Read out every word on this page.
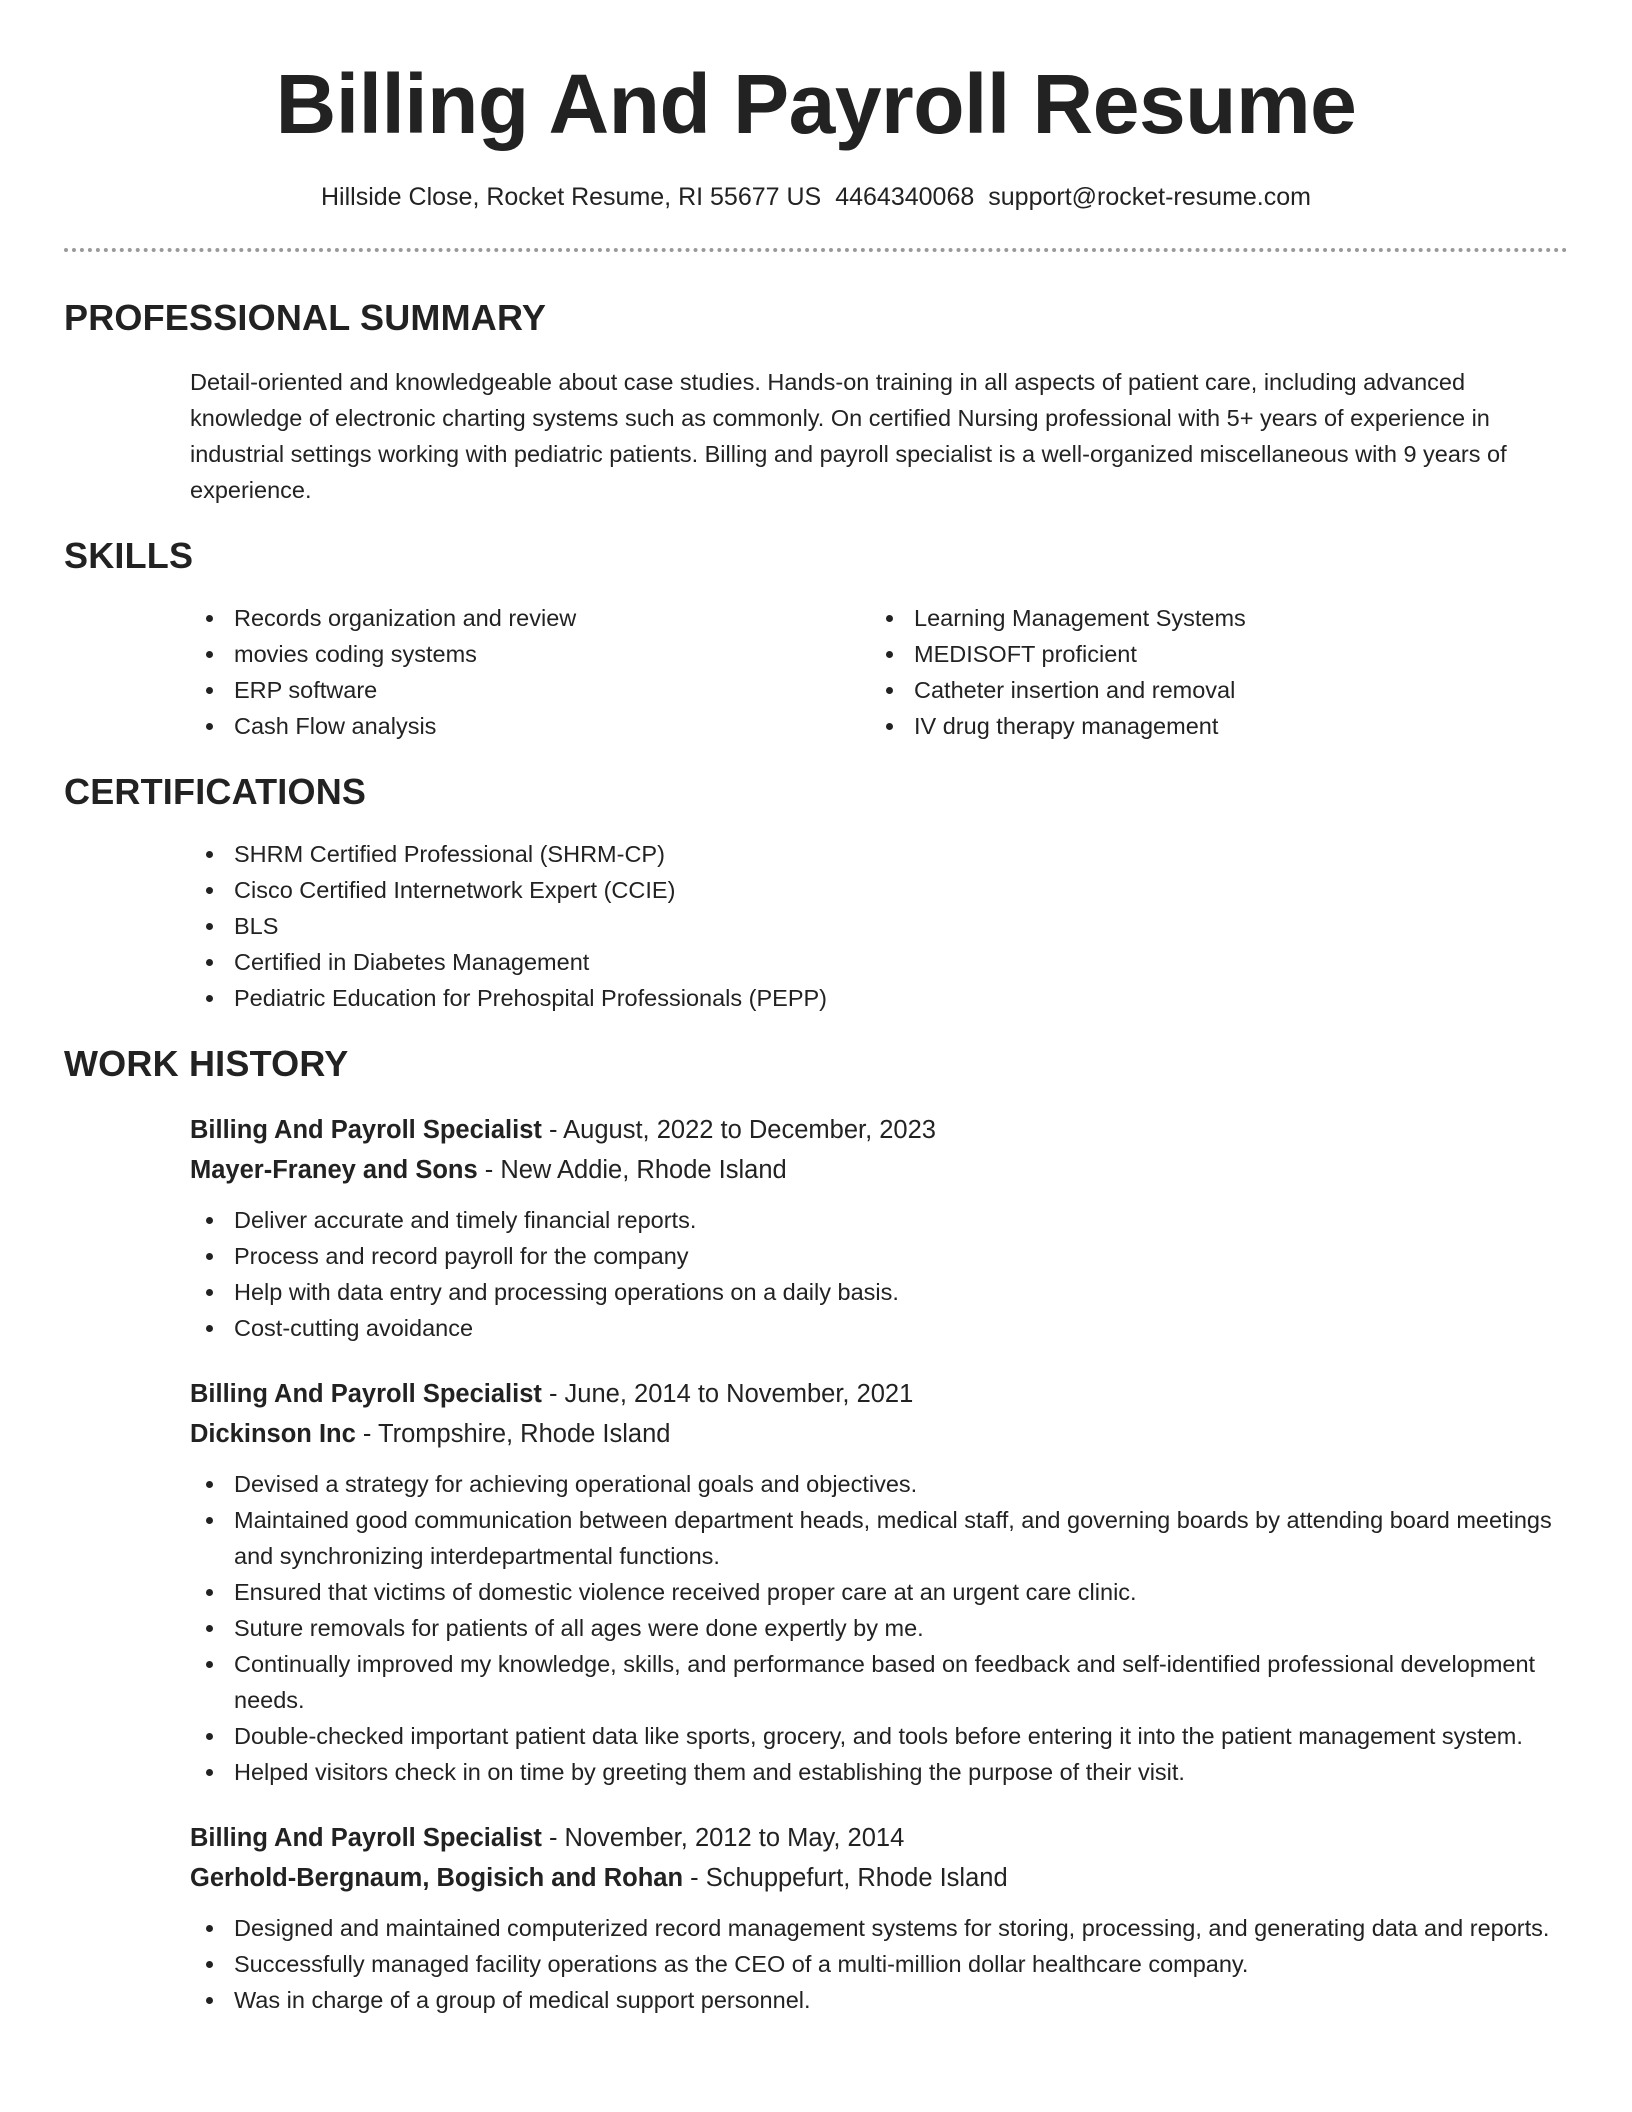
Billing And Payroll Resume
Hillside Close, Rocket Resume, RI 55677 US 4464340068 support@rocket-resume.com
PROFESSIONAL SUMMARY
Detail-oriented and knowledgeable about case studies. Hands-on training in all aspects of patient care, including advanced knowledge of electronic charting systems such as commonly. On certified Nursing professional with 5+ years of experience in industrial settings working with pediatric patients. Billing and payroll specialist is a well-organized miscellaneous with 9 years of experience.
SKILLS
Records organization and review
movies coding systems
ERP software
Cash Flow analysis
Learning Management Systems
MEDISOFT proficient
Catheter insertion and removal
IV drug therapy management
CERTIFICATIONS
SHRM Certified Professional (SHRM-CP)
Cisco Certified Internetwork Expert (CCIE)
BLS
Certified in Diabetes Management
Pediatric Education for Prehospital Professionals (PEPP)
WORK HISTORY
Billing And Payroll Specialist - August, 2022 to December, 2023
Mayer-Franey and Sons - New Addie, Rhode Island
Deliver accurate and timely financial reports.
Process and record payroll for the company
Help with data entry and processing operations on a daily basis.
Cost-cutting avoidance
Billing And Payroll Specialist - June, 2014 to November, 2021
Dickinson Inc - Trompshire, Rhode Island
Devised a strategy for achieving operational goals and objectives.
Maintained good communication between department heads, medical staff, and governing boards by attending board meetings and synchronizing interdepartmental functions.
Ensured that victims of domestic violence received proper care at an urgent care clinic.
Suture removals for patients of all ages were done expertly by me.
Continually improved my knowledge, skills, and performance based on feedback and self-identified professional development needs.
Double-checked important patient data like sports, grocery, and tools before entering it into the patient management system.
Helped visitors check in on time by greeting them and establishing the purpose of their visit.
Billing And Payroll Specialist - November, 2012 to May, 2014
Gerhold-Bergnaum, Bogisich and Rohan - Schuppefurt, Rhode Island
Designed and maintained computerized record management systems for storing, processing, and generating data and reports.
Successfully managed facility operations as the CEO of a multi-million dollar healthcare company.
Was in charge of a group of medical support personnel.
